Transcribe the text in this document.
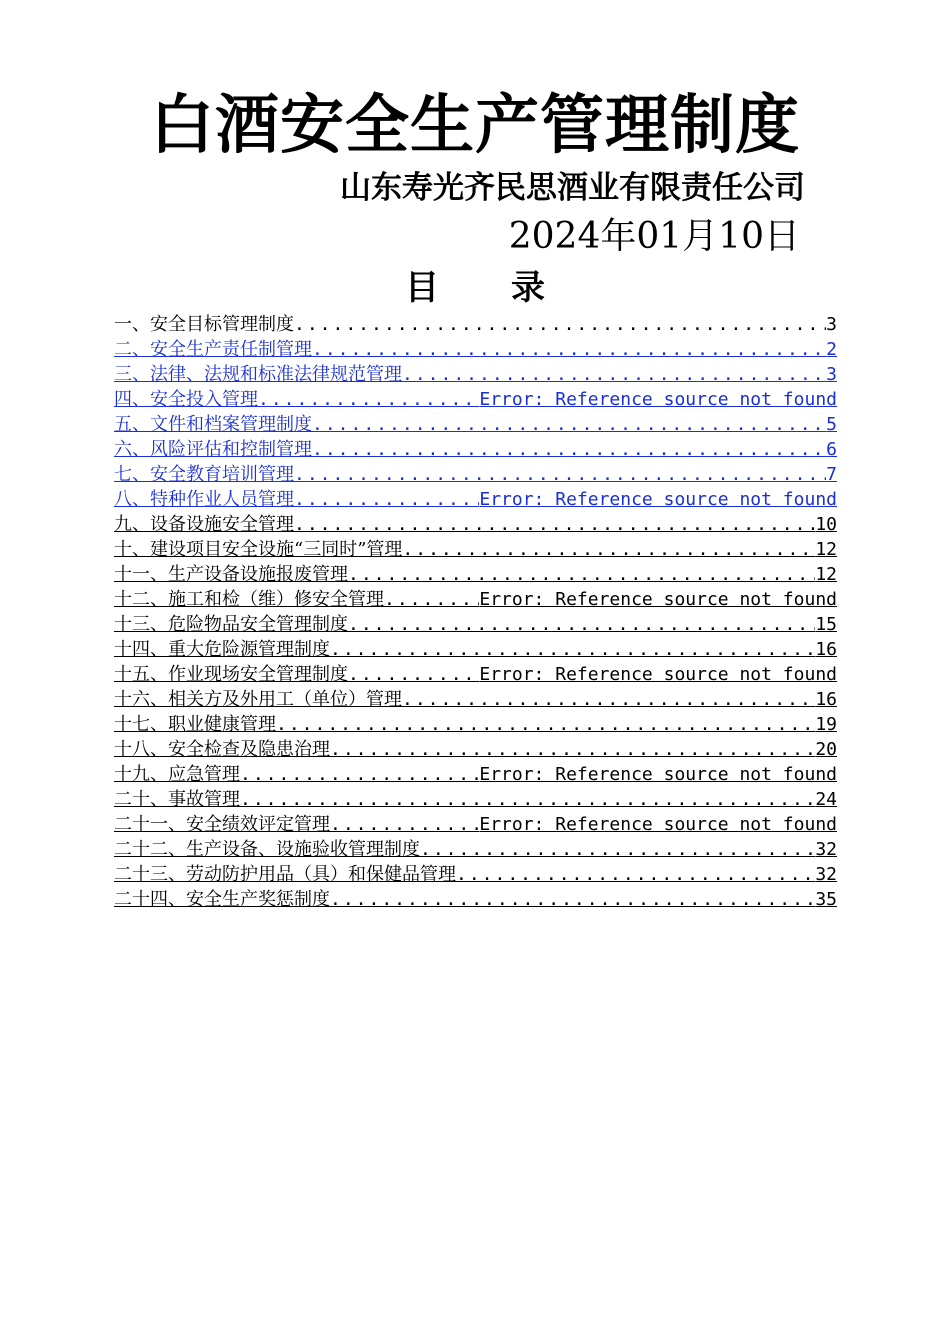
白酒安全生产管理制度
山东寿光齐民思酒业有限责任公司
2024年01月10日
目 录
一、安全目标管理制度 .....	3
二、安全生产责任制管理 .....	2
三、法律、法规和标准法律规范管理 .....	3
四、安全投入管理 .....	Error: Reference source not found
五、文件和档案管理制度 .....	5
六、风险评估和控制管理 .....	6
七、安全教育培训管理 .....	7
八、特种作业人员管理 .....	Error: Reference source not found
九、设备设施安全管理 .....	10
十、建设项目安全设施“三同时”管理 .....	12
十一、生产设备设施报废管理 .....	12
十二、施工和检（维）修安全管理 .....	Error: Reference source not found
十三、危险物品安全管理制度 .....	15
十四、重大危险源管理制度 .....	16
十五、作业现场安全管理制度 .....	Error: Reference source not found
十六、相关方及外用工（单位）管理 .....	16
十七、职业健康管理 .....	19
十八、安全检查及隐患治理 .....	20
十九、应急管理 .....	Error: Reference source not found
二十、事故管理 .....	24
二十一、安全绩效评定管理 .....	Error: Reference source not found
二十二、生产设备、设施验收管理制度 .....	32
二十三、劳动防护用品（具）和保健品管理 .....	32
二十四、安全生产奖惩制度 .....	35
